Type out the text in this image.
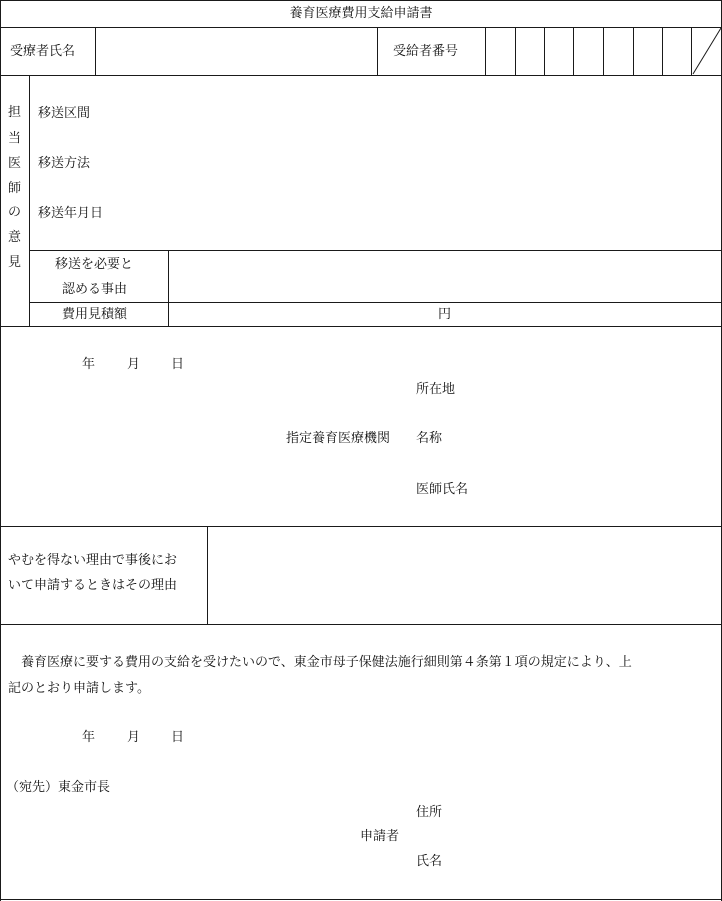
養育医療費用支給申請書
受療者氏名	受給者番号
担
当
医
師
の
意
見
移送区間
移送方法
移送年月日
移送を必要と
認める事由
費用見積額	円
年 月 日
所在地
指定養育医療機関 名称
医師氏名
やむを得ない理由で事後にお
いて申請するときはその理由
　養育医療に要する費用の支給を受けたいので、東金市母子保健法施行細則第４条第１項の規定により、上
記のとおり申請します。
年 月 日
（宛先）東金市長
住所
申請者
氏名
